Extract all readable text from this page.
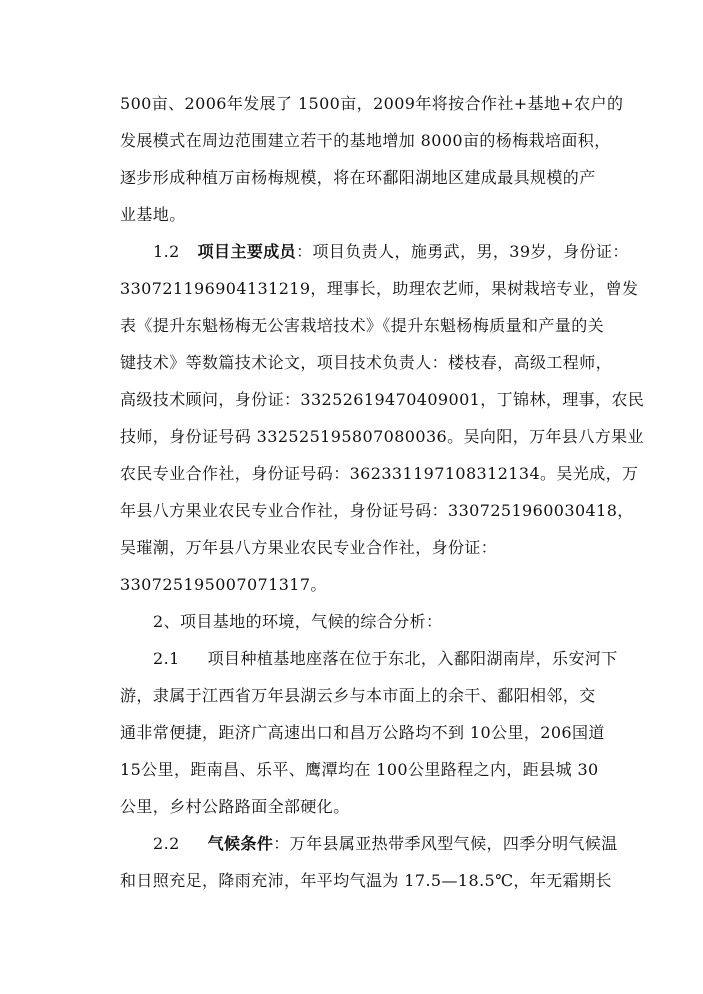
500亩、2006年发展了 1500亩，2009年将按合作社+基地+农户的
发展模式在周边范围建立若干的基地增加 8000亩的杨梅栽培面积，
逐步形成种植万亩杨梅规模，将在环鄱阳湖地区建成最具规模的产
业基地。
1.2 项目主要成员：项目负责人，施勇武，男，39岁，身份证：
330721196904131219，理事长，助理农艺师，果树栽培专业，曾发
表《提升东魁杨梅无公害栽培技术》《提升东魁杨梅质量和产量的关
键技术》等数篇技术论文，项目技术负责人：楼枝春，高级工程师，
高级技术顾问，身份证：33252619470409001，丁锦林，理事，农民
技师，身份证号码 332525195807080036。吴向阳，万年县八方果业
农民专业合作社，身份证号码：362331197108312134。吴光成，万
年县八方果业农民专业合作社，身份证号码：3307251960030418，
吴璀潮，万年县八方果业农民专业合作社，身份证：
330725195007071317。
2、项目基地的环境，气候的综合分析：
2.1 项目种植基地座落在位于东北，入鄱阳湖南岸，乐安河下
游，隶属于江西省万年县湖云乡与本市面上的余干、鄱阳相邻，交
通非常便捷，距济广高速出口和昌万公路均不到 10公里，206国道
15公里，距南昌、乐平、鹰潭均在 100公里路程之内，距县城 30
公里，乡村公路路面全部硬化。
2.2 气候条件：万年县属亚热带季风型气候，四季分明气候温
和日照充足，降雨充沛，年平均气温为 17.5—18.5℃，年无霜期长
